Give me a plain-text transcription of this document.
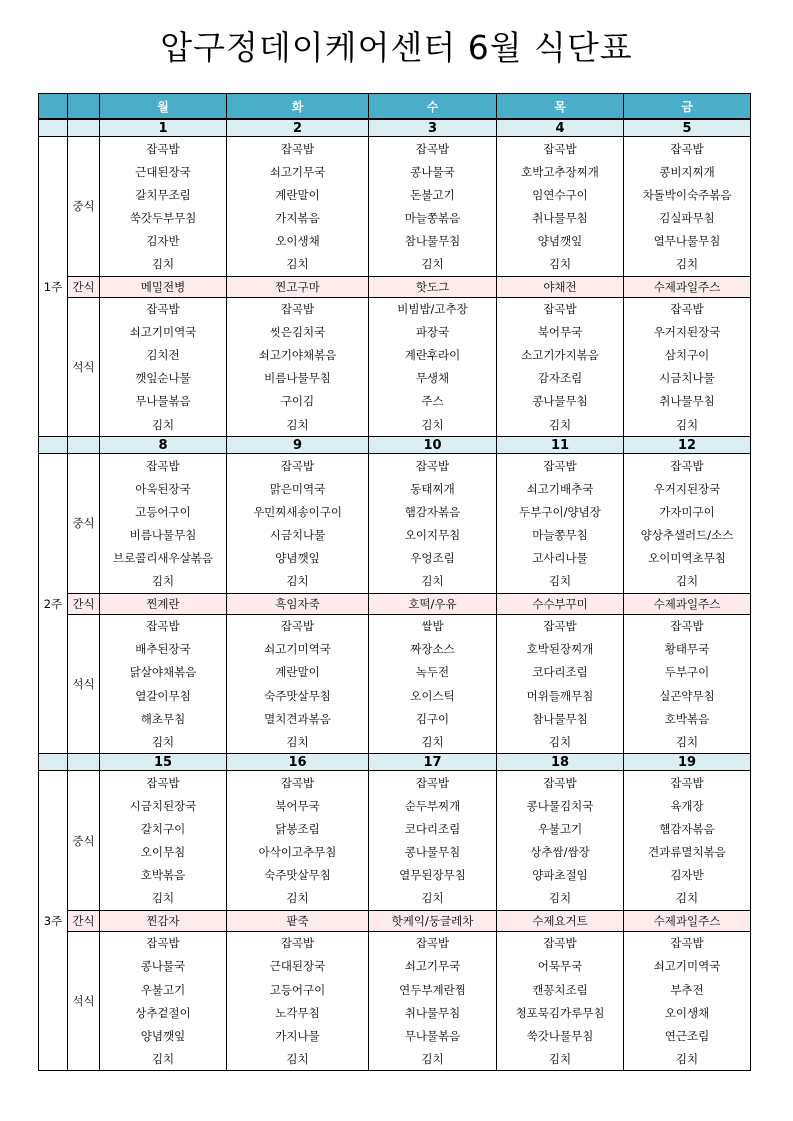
압구정데이케어센터 6월 식단표
		월	화	수	목	금
		1	2	3	4	5
1주	중식	잡곡밥	잡곡밥	잡곡밥	잡곡밥	잡곡밥
		근대된장국	쇠고기무국	콩나물국	호박고추장찌개	콩비지찌개
		갈치무조림	계란말이	돈불고기	임연수구이	차돌박이숙주볶음
		쑥갓두부무침	가지볶음	마늘쫑볶음	취나물무침	김실파무침
		김자반	오이생채	참나물무침	양념깻잎	열무나물무침
		김치	김치	김치	김치	김치
	간식	메밀전병	찐고구마	핫도그	야채전	수제과일주스
	석식	잡곡밥	잡곡밥	비빔밥/고추장	잡곡밥	잡곡밥
		쇠고기미역국	씻은김치국	파장국	북어무국	우거지된장국
		김치전	쇠고기야채볶음	계란후라이	소고기가지볶음	삼치구이
		깻잎순나물	비름나물무침	무생채	감자조림	시금치나물
		무나물볶음	구이김	주스	콩나물무침	취나물무침
		김치	김치	김치	김치	김치
		8	9	10	11	12
2주	중식	잡곡밥	잡곡밥	잡곡밥	잡곡밥	잡곡밥
		아욱된장국	맑은미역국	동태찌개	쇠고기배추국	우거지된장국
		고등어구이	우민찌새송이구이	햄감자볶음	두부구이/양념장	가자미구이
		비름나물무침	시금치나물	오이지무침	마늘쫑무침	양상추샐러드/소스
		브로콜리새우살볶음	양념깻잎	우엉조림	고사리나물	오이미역초무침
		김치	김치	김치	김치	김치
	간식	찐계란	흑임자죽	호떡/우유	수수부꾸미	수제과일주스
	석식	잡곡밥	잡곡밥	쌀밥	잡곡밥	잡곡밥
		배추된장국	쇠고기미역국	짜장소스	호박된장찌개	황태무국
		닭살야채볶음	계란말이	녹두전	코다리조림	두부구이
		열갈이무침	숙주맛살무침	오이스틱	머위들깨무침	실곤약무침
		해초무침	멸치견과볶음	김구이	참나물무침	호박볶음
		김치	김치	김치	김치	김치
		15	16	17	18	19
3주	중식	잡곡밥	잡곡밥	잡곡밥	잡곡밥	잡곡밥
		시금치된장국	북어무국	순두부찌개	콩나물김치국	육개장
		갈치구이	닭봉조림	코다리조림	우불고기	햄감자볶음
		오이무침	아삭이고추무침	콩나물무침	상추쌈/쌈장	견과류멸치볶음
		호박볶음	숙주맛살무침	열무된장무침	양파초절임	김자반
		김치	김치	김치	김치	김치
	간식	찐감자	팥죽	핫케익/둥글레차	수제요거트	수제과일주스
	석식	잡곡밥	잡곡밥	잡곡밥	잡곡밥	잡곡밥
		콩나물국	근대된장국	쇠고기무국	어묵무국	쇠고기미역국
		우불고기	고등어구이	연두부계란찜	캔꽁치조림	부추전
		상추겉절이	노각무침	취나물무침	청포묵김가루무침	오이생채
		양념깻잎	가지나물	무나물볶음	쑥갓나물무침	연근조림
		김치	김치	김치	김치	김치
